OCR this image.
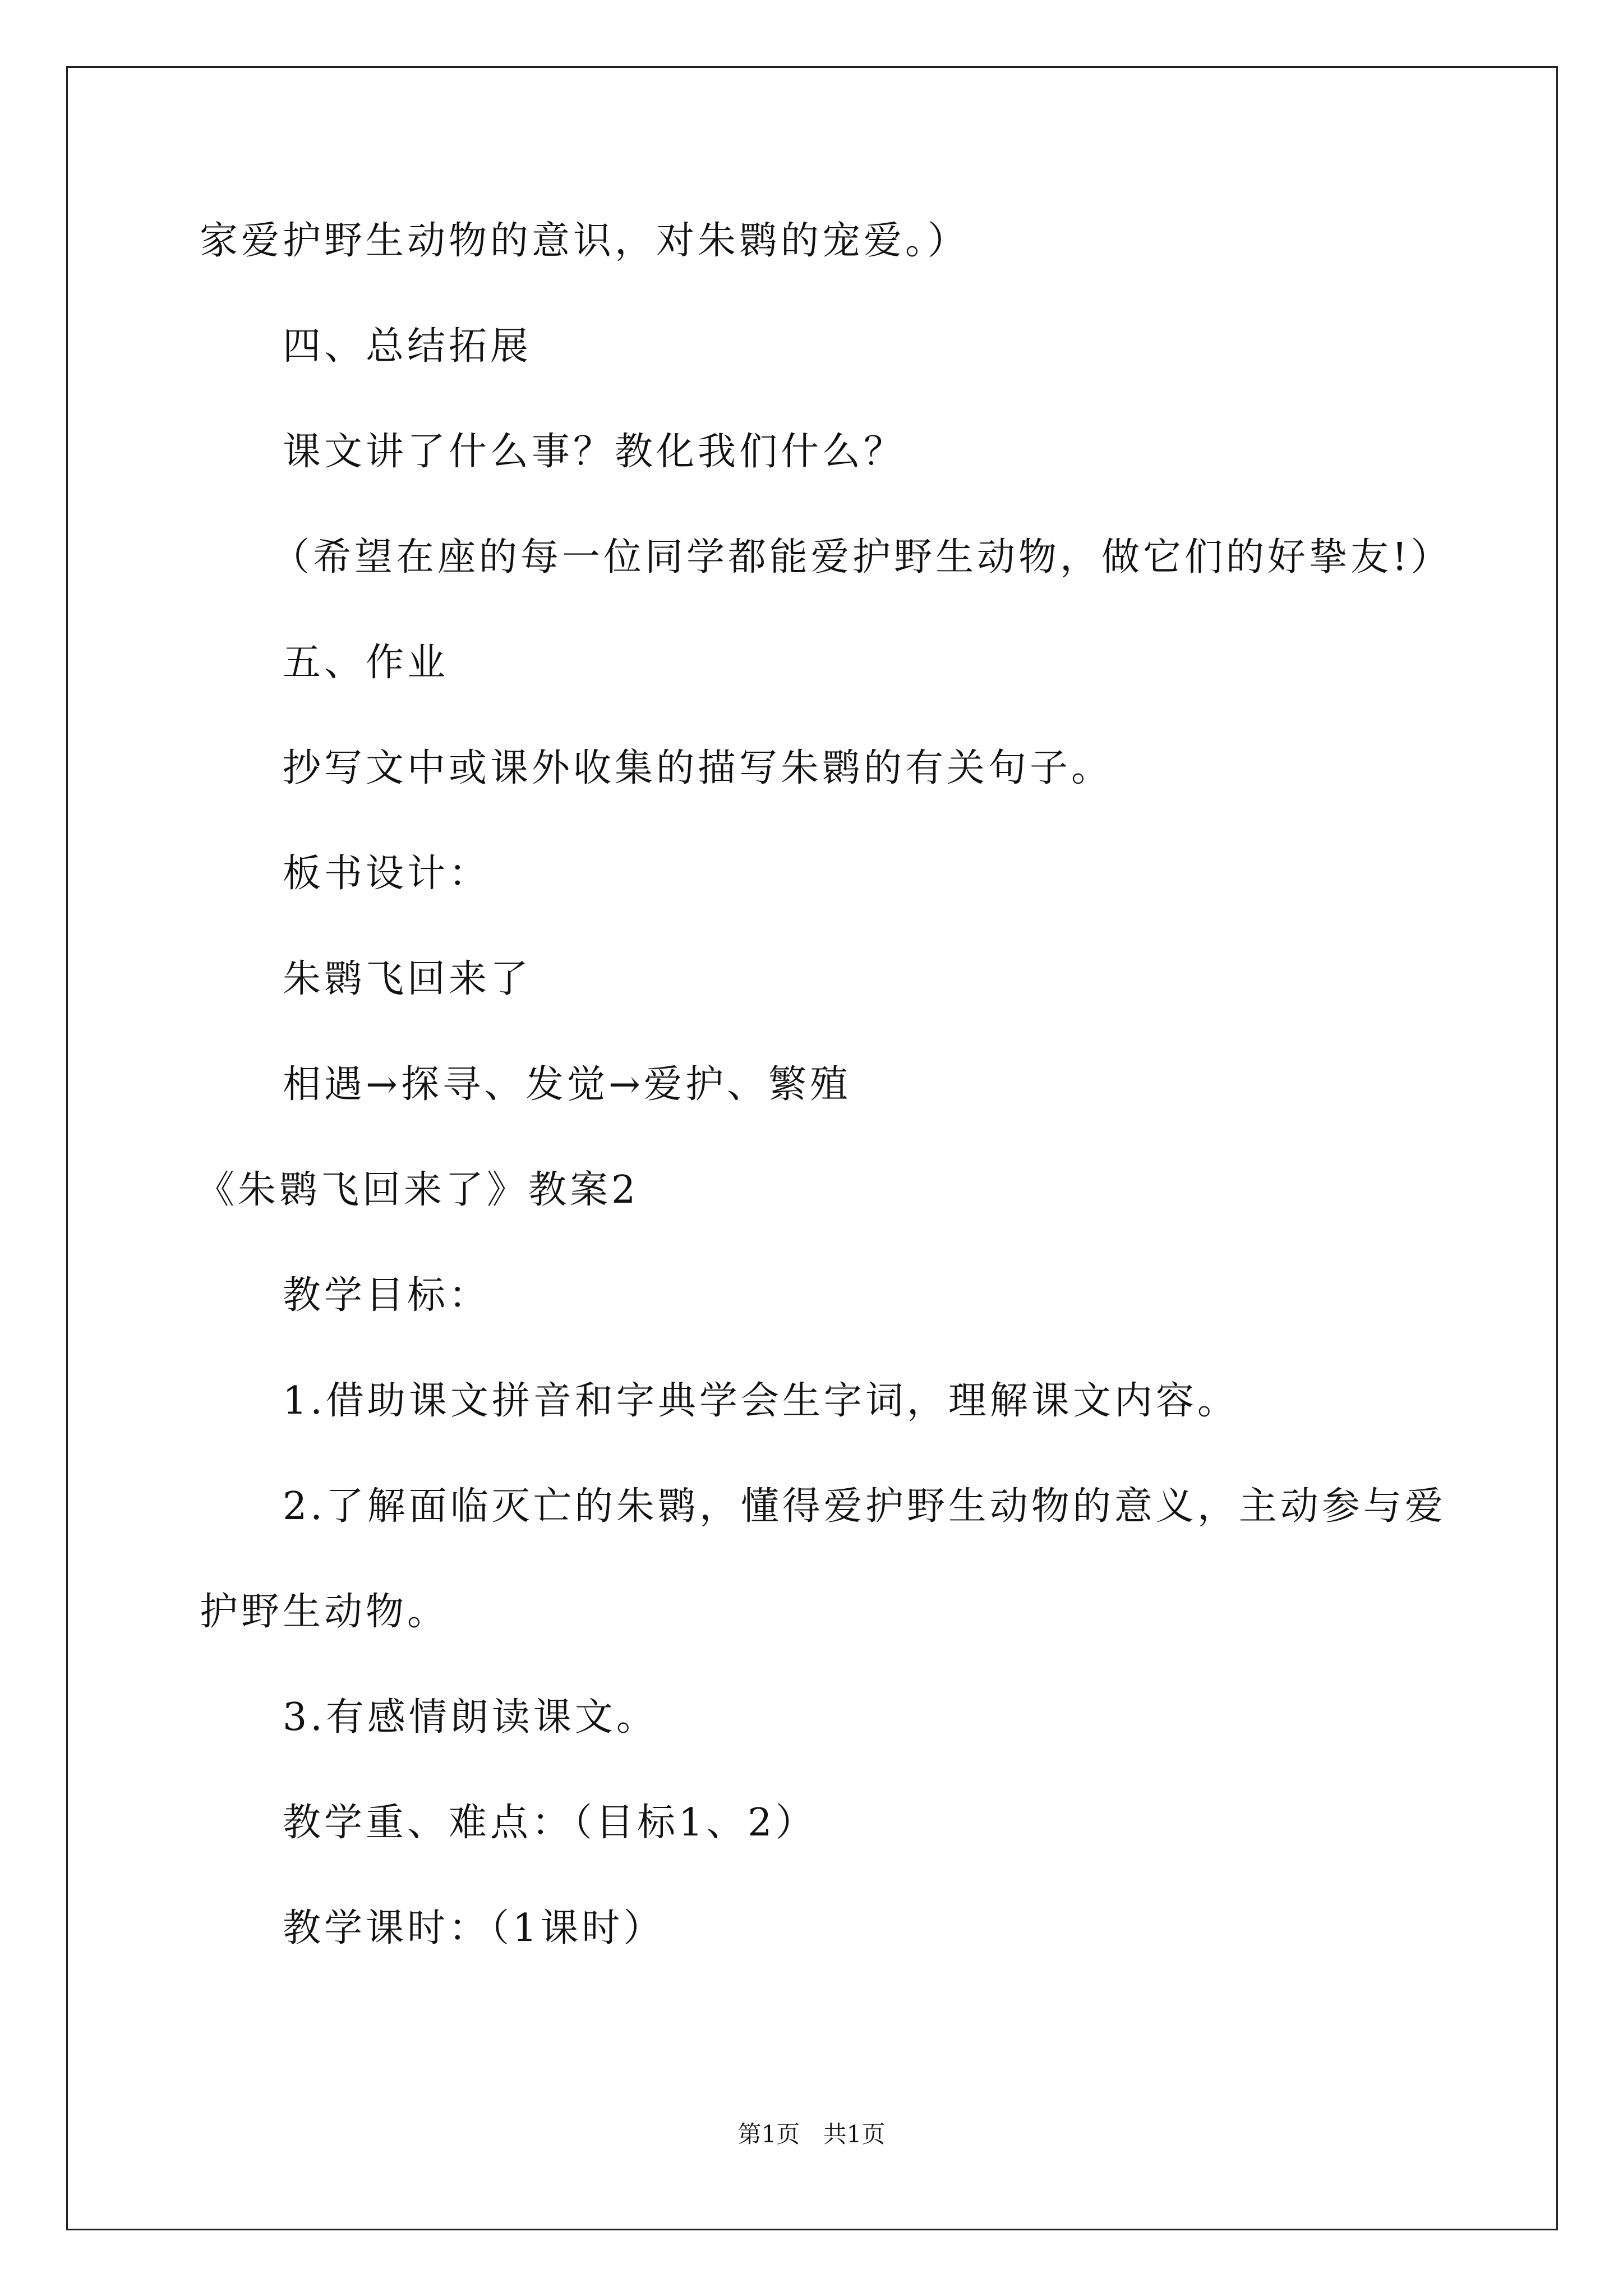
家爱护野生动物的意识，对朱鹮的宠爱。）
四、总结拓展
课文讲了什么事？教化我们什么？
（希望在座的每一位同学都能爱护野生动物，做它们的好挚友!）
五、作业
抄写文中或课外收集的描写朱鹮的有关句子。
板书设计：
朱鹮飞回来了
相遇→探寻、发觉→爱护、繁殖
《朱鹮飞回来了》教案2
教学目标：
1.借助课文拼音和字典学会生字词，理解课文内容。
2.了解面临灭亡的朱鹮，懂得爱护野生动物的意义，主动参与爱
护野生动物。
3.有感情朗读课文。
教学重、难点：（目标1、2）
教学课时：（1课时）
第1页 共1页
